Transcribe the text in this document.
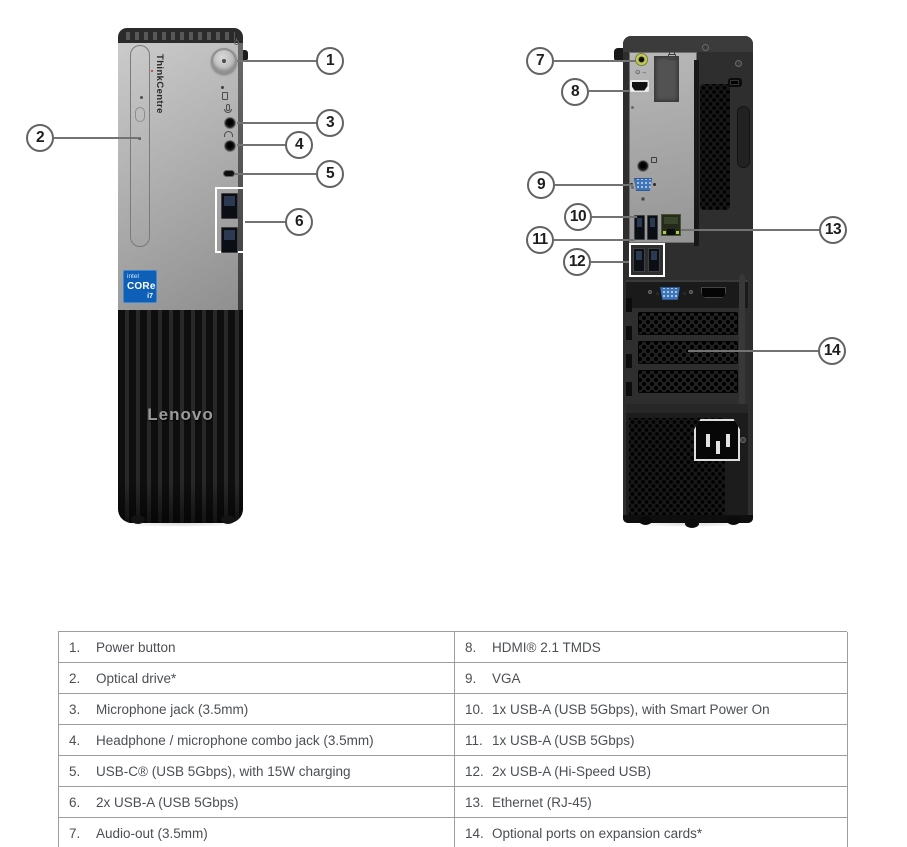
Lenovo
ThinkCentre
intel
CORe
i7
⊙→
1
2
3
4
5
6
7
8
9
10
11
12
13
14
1.	Power button	8.	HDMI® 2.1 TMDS
2.	Optical drive*	9.	VGA
3.	Microphone jack (3.5mm)	10. 1x USB-A (USB 5Gbps), with Smart Power On
4.	Headphone / microphone combo jack (3.5mm)	11. 1x USB-A (USB 5Gbps)
5.	USB-C® (USB 5Gbps), with 15W charging	12. 2x USB-A (Hi-Speed USB)
6.	2x USB-A (USB 5Gbps)	13. Ethernet (RJ-45)
7.	Audio-out (3.5mm)	14. Optional ports on expansion cards*
